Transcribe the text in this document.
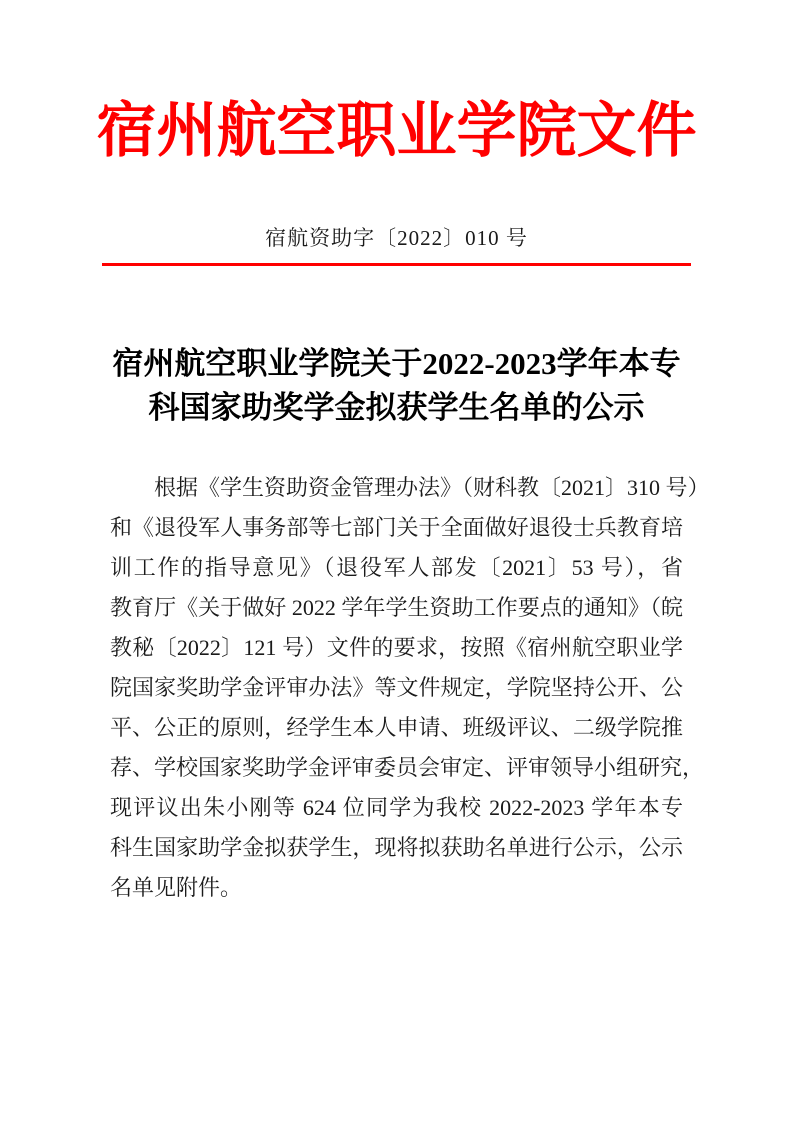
宿州航空职业学院文件
宿航资助字〔2022〕010 号
宿州航空职业学院关于2022-2023学年本专
科国家助奖学金拟获学生名单的公示
根据《学生资助资金管理办法》（财科教〔2021〕310 号）
和《退役军人事务部等七部门关于全面做好退役士兵教育培
训工作的指导意见》（退役军人部发〔2021〕53 号），省
教育厅《关于做好 2022 学年学生资助工作要点的通知》（皖
教秘〔2022〕121 号）文件的要求，按照《宿州航空职业学
院国家奖助学金评审办法》等文件规定，学院坚持公开、公
平、公正的原则，经学生本人申请、班级评议、二级学院推
荐、学校国家奖助学金评审委员会审定、评审领导小组研究，
现评议出朱小刚等 624 位同学为我校 2022-2023 学年本专
科生国家助学金拟获学生，现将拟获助名单进行公示，公示
名单见附件。
